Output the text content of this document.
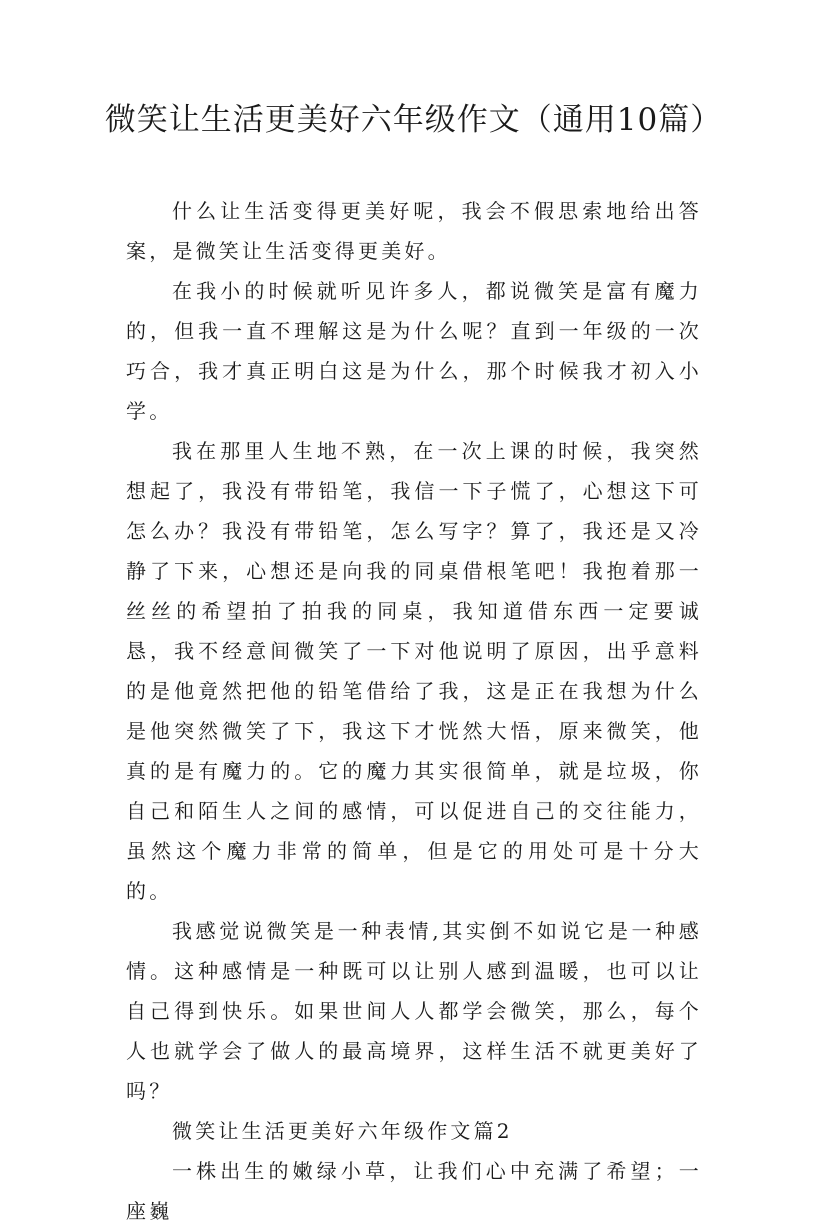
微笑让生活更美好六年级作文（通用10篇）

什么让生活变得更美好呢，我会不假思索地给出答案，是微笑让生活变得更美好。

在我小的时候就听见许多人，都说微笑是富有魔力的，但我一直不理解这是为什么呢？直到一年级的一次巧合，我才真正明白这是为什么，那个时候我才初入小学。

我在那里人生地不熟，在一次上课的时候，我突然想起了，我没有带铅笔，我信一下子慌了，心想这下可怎么办？我没有带铅笔，怎么写字？算了，我还是又冷静了下来，心想还是向我的同桌借根笔吧！我抱着那一丝丝的希望拍了拍我的同桌，我知道借东西一定要诚恳，我不经意间微笑了一下对他说明了原因，出乎意料的是他竟然把他的铅笔借给了我，这是正在我想为什么是他突然微笑了下，我这下才恍然大悟，原来微笑，他真的是有魔力的。它的魔力其实很简单，就是垃圾，你自己和陌生人之间的感情，可以促进自己的交往能力，虽然这个魔力非常的简单，但是它的用处可是十分大的。

我感觉说微笑是一种表情,其实倒不如说它是一种感情。这种感情是一种既可以让别人感到温暖，也可以让自己得到快乐。如果世间人人都学会微笑，那么，每个人也就学会了做人的最高境界，这样生活不就更美好了吗？

微笑让生活更美好六年级作文篇2

一株出生的嫩绿小草，让我们心中充满了希望；一座巍
